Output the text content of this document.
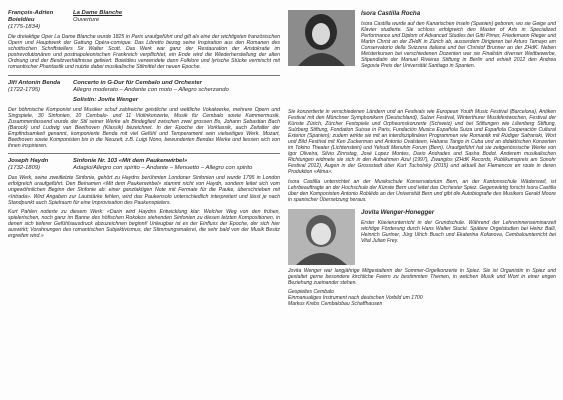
François-Adrien Boieldieu
(1775-1834)
La Dame Blanche
Ouverture

Die dreiaktige Oper La Dame Blanche wurde 1825 in Paris uraufgeführt und gilt als eine der wichtigsten französischen Opern und Hauptwerk der Gattung Opéra-comique. Das Libretto bezog seine Inspiration aus den Romanen des schottischen Schriftstellers Sir Walter Scott. Das Werk war ganz der Restauration der Aristokratie im postrevolutionären und postnapoleonischen Frankreich verpflichtet, ein Ende wird die Wiederherstellung der alten Ordnung und der Besitzverhältnisse gefeiert. Boieldieu verwendete dann Folklore und lyrische Stücke vermischt mit romantischer Phantastik und nutzte dabei musikalische Stilmittel der neuen Epoche.

Jiří Antonín Benda
(1722-1795)
Concerto in G-Dur für Cembalo und Orchester
Allegro moderato – Andante con moto – Allegro scherzando
Solistin: Jovita Wenger

Der böhmische Komponist und Musiker schuf zahlreiche geistliche und weltliche Vokalwerke, mehrere Opern und Singspiele, 30 Sinfonien, 10 Cembalo- und 11 Violinkonzerte, Musik für Cembalo sowie Kammermusik. Zusammenfassend wurde der Stil seiner Werke als Bindeglied zwischen zwei grossen Bs, Johann Sebastian Bach (Barock) und Ludwig van Beethoven (Klassik) bezeichnet. In der Epoche der Vorklassik, auch Zeitalter der Empfindsamkeit genannt, komponierte Benda mit viel Gefühl und Temperament sein vielseitiges Werk. Mozart, Beethoven sowie Komponisten bis in die Neuzeit, z.B. Luigi Nono, bewunderten Bendas Werke und liessen sich von ihnen inspirieren.

Joseph Haydn
(1732-1809)
Sinfonie Nr. 103 «Mit dem Paukenwirbel»
Adagio/Allegro con spirito – Andante – Menuetto – Allegro con spirito

Das Werk, seine zweitletzte Sinfonie, gehört zu Haydns berühmten Londoner Sinfonien und wurde 1795 in London erfolgreich uraufgeführt. Den Beinamen «Mit dem Paukenwirbel» stammt nicht von Haydn, sondern leitet sich vom ungewöhnlichen Beginn der Sinfonie ab: einer ganztaktigen Note mit Fermate für die Pauke, überschrieben mit «Intrada». Wird Angaben zur Lautstärke fehlen, wird das Paukensolo unterschiedlich interpretiert und lässt je nach Standpunkt auch Spielraum für eine Improvisation des Paukenspielers.

Kurt Pahlen notierte zu diesem Werk: «Darin wird Haydns Entwicklung klar: Welcher Weg von den frühen, spielerischen, noch ganz im Banne des höfischen Rokokos stehenden Sinfonien zu diesen letzten Kompositionen, in denen sich tieferer Gefühlsausdruck abzuzeichnen beginnt! Unleugbar ist es der Einfluss der Epoche, der sich hier auswirkt; Vorahnungen des romantischen Subjektivismus, der Stimmungsmalerei, die sehr bald von der Musik Besitz ergreifen wird.»

Isora Castilla Rocha

Isora Castilla wurde auf den Kanarischen Inseln (Spanien) geboren, wo sie Geige und Klavier studierte. Sie schloss erfolgreich den Master of Arts in Specialized Performance und Diplom of Advanced Studies bei Gitti Pirner, Friedemann Rieger und Martin Christ an der ZHdK in Zürich ab, ausserdem Dirigieren bei Arturo Tamayo am Conservatorio della Svizzera italiana und bei Christof Brunner an der ZHdK. Neben Meisterkursen bei verschiedenen Dozenten war sie Finalistin diverser Wettbewerbe, Stipendiatin der Manuel Rivieras Stiftung in Berlin und erhielt 2012 den Andrea Segovia Preis der Universität Santiago in Spanien.

Sie konzertierte in verschiedenen Ländern und an Festivals wie European Youth Music Festival (Barcelona), Antiken Festival mit den Münchner Symphonikern (Deutschland), Sulzer Festival, Winterthurer Musikfestwochen, Festival der Künste Zürich, Zürcher Festspiele und Orpheumskonzerte (Schweiz) und bei Stiftungen wie Lilienberg Stiftung, Sulzberg Stiftung, Fondation Suisse in Paris, Fundación Musica Española Suiza und Española Cooperación Cultural Exterior (Spanien); zudem wirkte sie mit an interdisziplinären Programmen wie Romantik mit Rüdiger Safranski, Wort und Bild Festival mit Ken Zuckerman und Antonio Ovalsteen, Habana Tango in Cuba und an didaktischen Konzerten im Tokino Theater (Lichtenstein) und Yehudi Menuhin Forum (Bern). Uraufgeführt hat sie zeitgenössische Werke von Igor Oliveira, Silvio Zinnstag, José Lopez Montes, Dario Andrades und Sasha Bodot. Anderem musikalischen Richtungen widmete sie sich in den Aufnahmen Azul (1997), Zwanglos (ZHdK Records, Publikumspreis am Sonohr Festival 2012), Augen in der Grossstadt über Kurt Tucholsky (2015) und aktuell bei Flamencos en route in deren Produktion «Alma».

Isora Castilla unterrichtet an der Musikschule Konservatorium Bern, an der Kantonsschule Wädenswil, ist Lehrbeauftragte an der Hochschule der Künste Bern und leitet das Orchester Spiez. Gegenwärtig forscht Isora Castilla über den Komponisten Antonio Roblédo an der Universität Bern und gibt die Autobiografie des Musikers Gerald Moore in spanischer Übersetzung heraus.

Jovita Wenger-Honegger

Erster Klavierunterricht in der Grundschule. Während der Lehrerinnenseminarzeit wichtige Förderung durch Hans Walter Stucki. Spätere Orgelstudien bei Heinz Balli, Heinrich Gurtner, Jürg Ulrich Busch und Ekaterina Kofanova, Cembalounterricht bei Vital Julian Frey.

Jovita Wenger war langjährige Mitgestalterin der Sommer-Orgelkonzerte in Spiez. Sie ist Organistin in Spiez und gestaltet gerne besondere kirchliche Feiern zu bestimmten Themen, in welchen Musik und Wort in einer engen Beziehung zueinander stehen.

Gespieltes Cembalo
Einmanualiges Instrument nach deutschen Vorbild um 1700
Markus Krebs Cembalobau Schaffhausen
